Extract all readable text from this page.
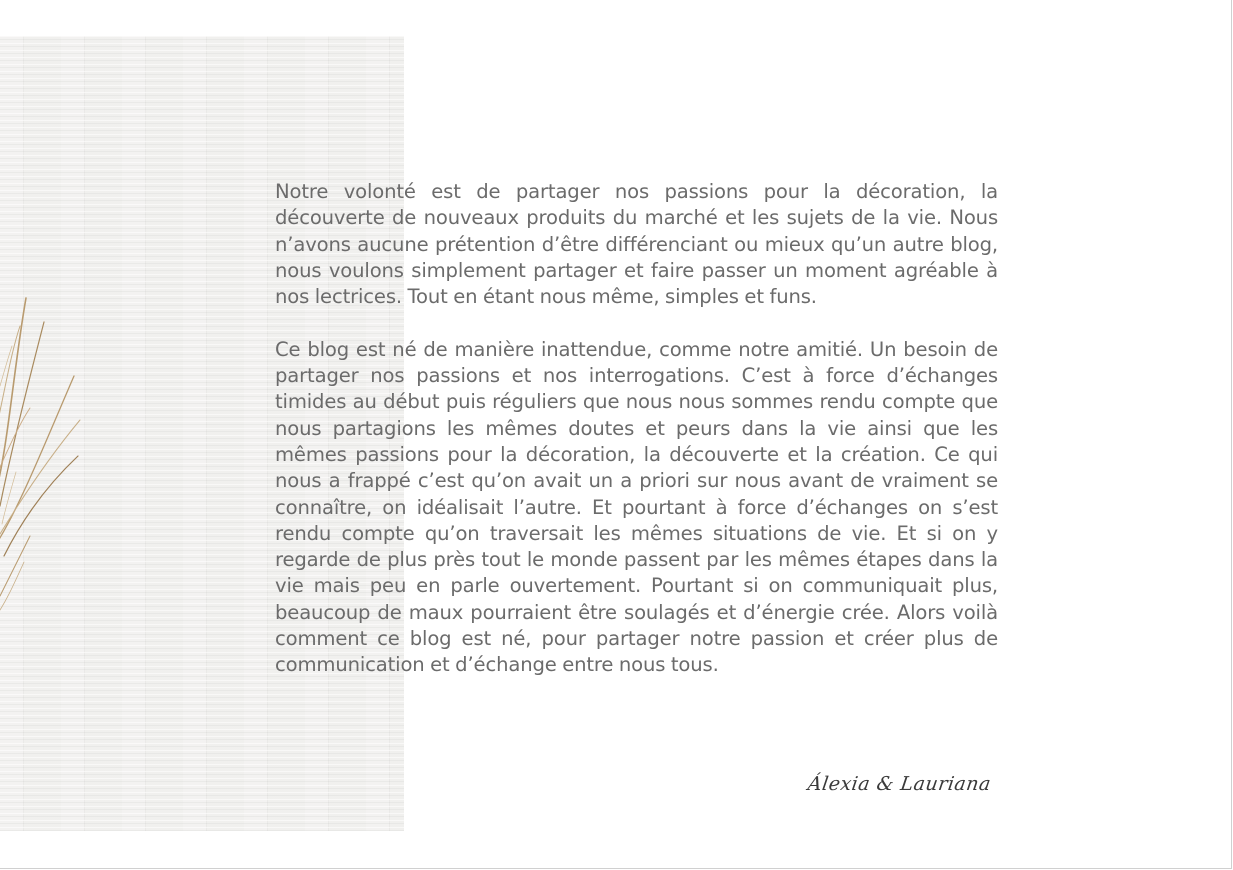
Notre volonté est de partager nos passions pour la décoration, la découverte de nouveaux produits du marché et les sujets de la vie. Nous n’avons aucune prétention d’être différenciant ou mieux qu’un autre blog, nous voulons simplement partager et faire passer un moment agréable à nos lectrices. Tout en étant nous même, simples et funs.

Ce blog est né de manière inattendue, comme notre amitié. Un besoin de partager nos passions et nos interrogations. C’est à force d’échanges timides au début puis réguliers que nous nous sommes rendu compte que nous partagions les mêmes doutes et peurs dans la vie ainsi que les mêmes passions pour la décoration, la découverte et la création. Ce qui nous a frappé c’est qu’on avait un a priori sur nous avant de vraiment se connaître, on idéalisait l’autre. Et pourtant à force d’échanges on s’est rendu compte qu’on traversait les mêmes situations de vie. Et si on y regarde de plus près tout le monde passent par les mêmes étapes dans la vie mais peu en parle ouvertement. Pourtant si on communiquait plus, beaucoup de maux pourraient être soulagés et d’énergie crée. Alors voilà comment ce blog est né, pour partager notre passion et créer plus de communication et d’échange entre nous tous.

Álexia & Lauriana
